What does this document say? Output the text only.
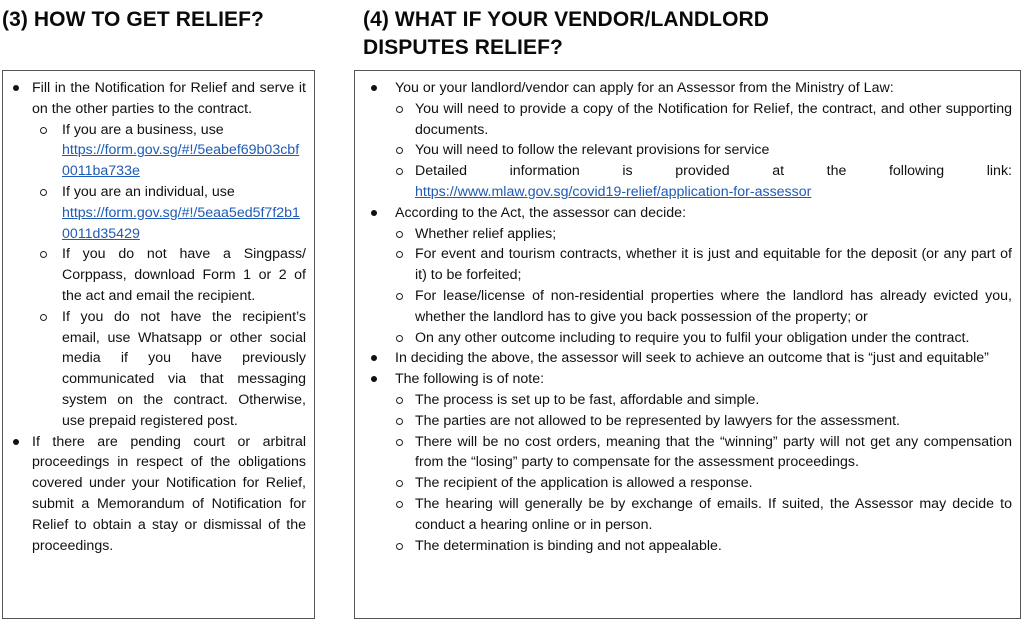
(3) HOW TO GET RELIEF?	(4) WHAT IF YOUR VENDOR/LANDLORD
DISPUTES RELIEF?
Fill in the Notification for Relief and serve it on the other parties to the contract.
If you are a business, use
https://form.gov.sg/#!/5eabef69b03cbf0011ba733e
If you are an individual, use
https://form.gov.sg/#!/5eaa5ed5f7f2b10011d35429
If you do not have a Singpass/ Corppass, download Form 1 or 2 of the act and email the recipient.
If you do not have the recipient’s email, use Whatsapp or other social media if you have previously communicated via that messaging system on the contract. Otherwise, use prepaid registered post.
If there are pending court or arbitral proceedings in respect of the obligations covered under your Notification for Relief, submit a Memorandum of Notification for Relief to obtain a stay or dismissal of the proceedings.
You or your landlord/vendor can apply for an Assessor from the Ministry of Law:
You will need to provide a copy of the Notification for Relief, the contract, and other supporting documents.
You will need to follow the relevant provisions for service
Detailed information is provided at the following link:
https://www.mlaw.gov.sg/covid19-relief/application-for-assessor
According to the Act, the assessor can decide:
Whether relief applies;
For event and tourism contracts, whether it is just and equitable for the deposit (or any part of it) to be forfeited;
For lease/license of non-residential properties where the landlord has already evicted you, whether the landlord has to give you back possession of the property; or
On any other outcome including to require you to fulfil your obligation under the contract.
In deciding the above, the assessor will seek to achieve an outcome that is “just and equitable”
The following is of note:
The process is set up to be fast, affordable and simple.
The parties are not allowed to be represented by lawyers for the assessment.
There will be no cost orders, meaning that the “winning” party will not get any compensation from the “losing” party to compensate for the assessment proceedings.
The recipient of the application is allowed a response.
The hearing will generally be by exchange of emails. If suited, the Assessor may decide to conduct a hearing online or in person.
The determination is binding and not appealable.
